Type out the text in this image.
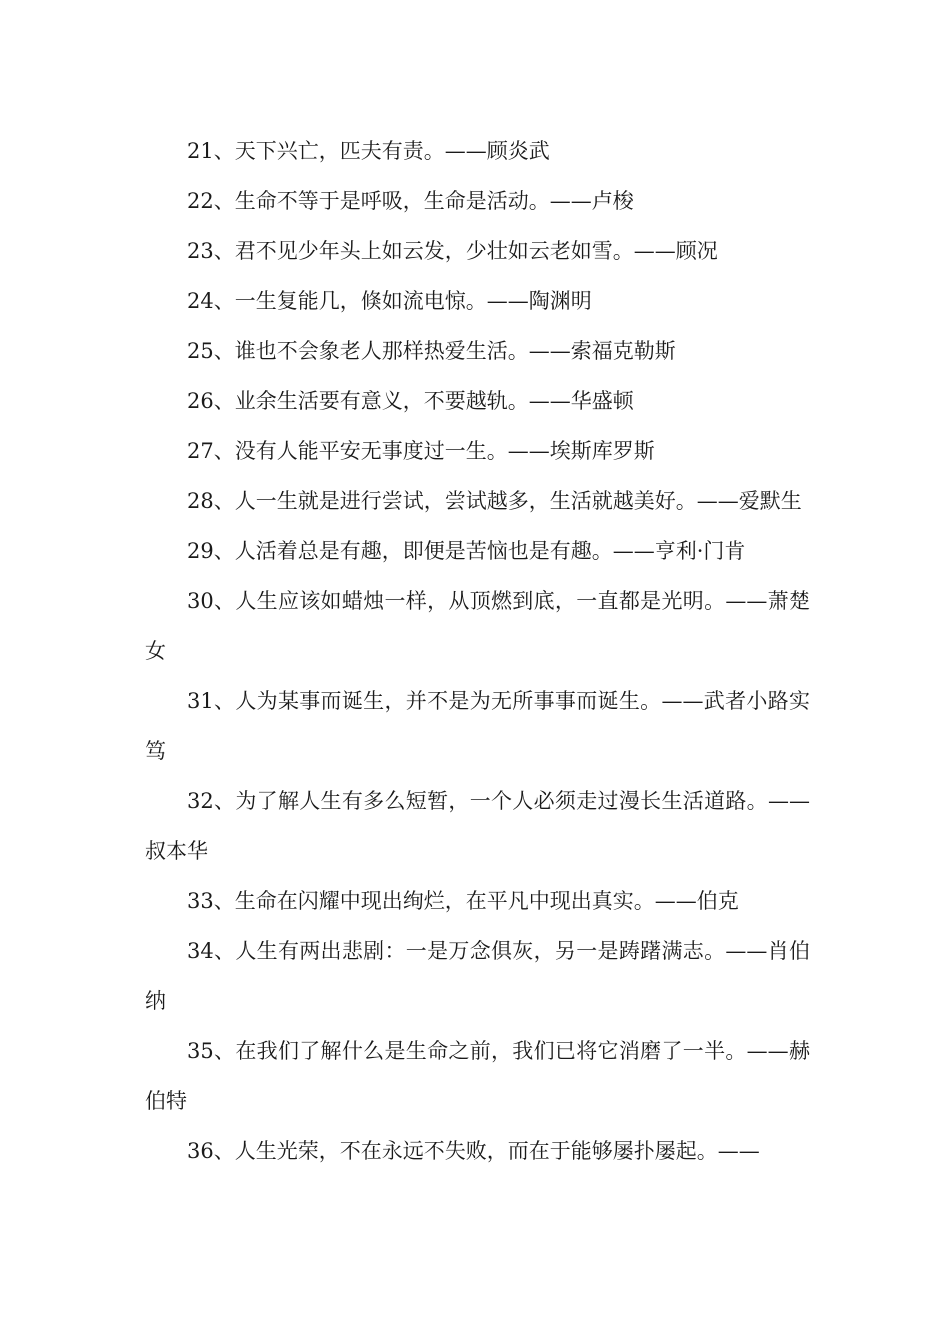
21、天下兴亡，匹夫有责。——顾炎武

22、生命不等于是呼吸，生命是活动。——卢梭

23、君不见少年头上如云发，少壮如云老如雪。——顾况

24、一生复能几，倏如流电惊。——陶渊明

25、谁也不会象老人那样热爱生活。——索福克勒斯

26、业余生活要有意义，不要越轨。——华盛顿

27、没有人能平安无事度过一生。——埃斯库罗斯

28、人一生就是进行尝试，尝试越多，生活就越美好。——爱默生

29、人活着总是有趣，即便是苦恼也是有趣。——亨利·门肯

30、人生应该如蜡烛一样，从顶燃到底，一直都是光明。——萧楚女

31、人为某事而诞生，并不是为无所事事而诞生。——武者小路实笃

32、为了解人生有多么短暂，一个人必须走过漫长生活道路。——叔本华

33、生命在闪耀中现出绚烂，在平凡中现出真实。——伯克

34、人生有两出悲剧：一是万念俱灰，另一是踌躇满志。——肖伯纳

35、在我们了解什么是生命之前，我们已将它消磨了一半。——赫伯特

36、人生光荣，不在永远不失败，而在于能够屡扑屡起。——
